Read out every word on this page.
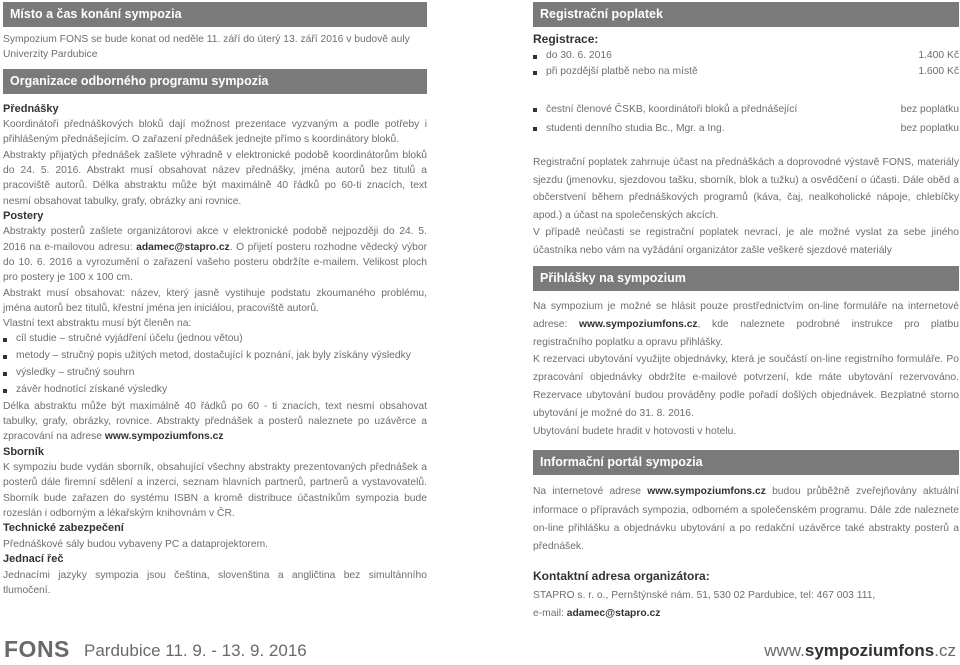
Místo a čas konání sympozia

Sympozium FONS se bude konat od neděle 11. září do úterý 13. září 2016 v budově auly Univerzity Pardubice

Organizace odborného programu sympozia

Přednášky

Koordinátoři přednáškových bloků dají možnost prezentace vyzvaným a podle potřeby i přihlášeným přednášejícím. O zařazení přednášek jednejte přímo s koordinátory bloků.

Abstrakty přijatých přednášek zašlete výhradně v elektronické podobě koordinátorům bloků do 24. 5. 2016. Abstrakt musí obsahovat název přednášky, jména autorů bez titulů a pracoviště autorů. Délka abstraktu může být maximálně 40 řádků po 60-ti znacích, text nesmí obsahovat tabulky, grafy, obrázky ani rovnice.

Postery

Abstrakty posterů zašlete organizátorovi akce v elektronické podobě nejpozději do 24. 5. 2016 na e-mailovou adresu: adamec@stapro.cz. O přijetí posteru rozhodne vědecký výbor do 10. 6. 2016 a vyrozumění o zařazení vašeho posteru obdržíte e-mailem. Velikost ploch pro postery je 100 x 100 cm.

Abstrakt musí obsahovat: název, který jasně vystihuje podstatu zkoumaného problému, jména autorů bez titulů, křestní jména jen iniciálou, pracoviště autorů.

Vlastní text abstraktu musí být členěn na:

cíl studie – stručné vyjádření účelu (jednou větou)
metody – stručný popis užitých metod, dostačující k poznání, jak byly získány výsledky
výsledky – stručný souhrn
závěr hodnotící získané výsledky

Délka abstraktu může být maximálně 40 řádků po 60 - ti znacích, text nesmí obsahovat tabulky, grafy, obrázky, rovnice. Abstrakty přednášek a posterů naleznete po uzávěrce a zpracování na adrese www.sympoziumfons.cz

Sborník

K sympoziu bude vydán sborník, obsahující všechny abstrakty prezentovaných přednášek a posterů dále firemní sdělení a inzerci, seznam hlavních partnerů, partnerů a vystavovatelů. Sborník bude zařazen do systému ISBN a kromě distribuce účastníkům sympozia bude rozeslán i odborným a lékařským knihovnám v ČR.

Technické zabezpečení

Přednáškové sály budou vybaveny PC a dataprojektorem.

Jednací řeč

Jednacími jazyky sympozia jsou čeština, slovenština a angličtina bez simultánního tlumočení.

Registrační poplatek

Registrace:

do 30. 6. 2016	1.400 Kč
při pozdější platbě nebo na místě	1.600 Kč
čestní členové ČSKB, koordinátoři bloků a přednášející	bez poplatku
studenti denního studia Bc., Mgr. a Ing.	bez poplatku

Registrační poplatek zahrnuje účast na přednáškách a doprovodné výstavě FONS, materiály sjezdu (jmenovku, sjezdovou tašku, sborník, blok a tužku) a osvědčení o účasti. Dále oběd a občerstvení během přednáškových programů (káva, čaj, nealkoholické nápoje, chlebíčky apod.) a účast na společenských akcích.

V případě neúčasti se registrační poplatek nevrací, je ale možné vyslat za sebe jiného účastníka nebo vám na vyžádání organizátor zašle veškeré sjezdové materiály

Přihlášky na sympozium

Na sympozium je možné se hlásit pouze prostřednictvím on-line formuláře na internetové adrese: www.sympoziumfons.cz, kde naleznete podrobné instrukce pro platbu registračního poplatku a opravu přihlášky.

K rezervaci ubytování využijte objednávky, která je součástí on-line registrního formuláře. Po zpracování objednávky obdržíte e-mailové potvrzení, kde máte ubytování rezervováno. Rezervace ubytování budou prováděny podle pořadí došlých objednávek. Bezplatné storno ubytování je možné do 31. 8. 2016.

Ubytování budete hradit v hotovosti v hotelu.

Informační portál sympozia

Na internetové adrese www.sympoziumfons.cz budou průběžně zveřejňovány aktuální informace o přípravách sympozia, odborném a společenském programu. Dále zde naleznete on-line přihlášku a objednávku ubytování a po redakční uzávěrce také abstrakty posterů a přednášek.

Kontaktní adresa organizátora:

STAPRO s. r. o., Pernštýnské nám. 51, 530 02 Pardubice, tel: 467 003 111,

e-mail: adamec@stapro.cz

FONS Pardubice 11. 9. - 13. 9. 2016	www.sympoziumfons.cz
